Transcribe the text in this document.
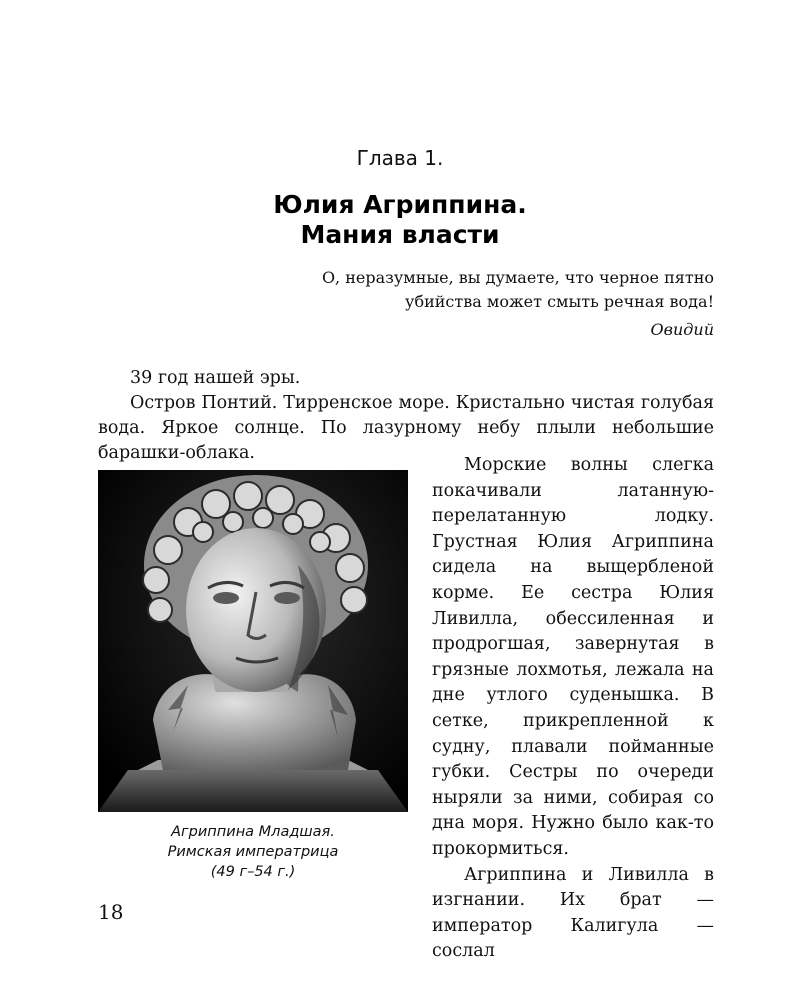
Глава 1.
Юлия Агриппина.
Мания власти
О, неразумные, вы думаете, что черное пятно
убийства может смыть речная вода!
Овидий

39 год нашей эры.

Остров Понтий. Тирренское море. Кристально чистая голубая вода. Яркое солнце. По лазурному небу плыли небольшие барашки-облака.

Агриппина Младшая.
Римская императрица
(49 г–54 г.)

Морские волны слегка покачивали латанную-перелатанную лодку. Грустная Юлия Агриппина сидела на выщербленой корме. Ее сестра Юлия Ливилла, обессиленная и продрогшая, завернутая в грязные лохмотья, лежала на дне утлого суденышка. В сетке, прикрепленной к судну, плавали пойманные губки. Сестры по очереди ныряли за ними, собирая со дна моря. Нужно было как-то прокормиться.

Агриппина и Ливилла в изгнании. Их брат — император Калигула — сослал

18
